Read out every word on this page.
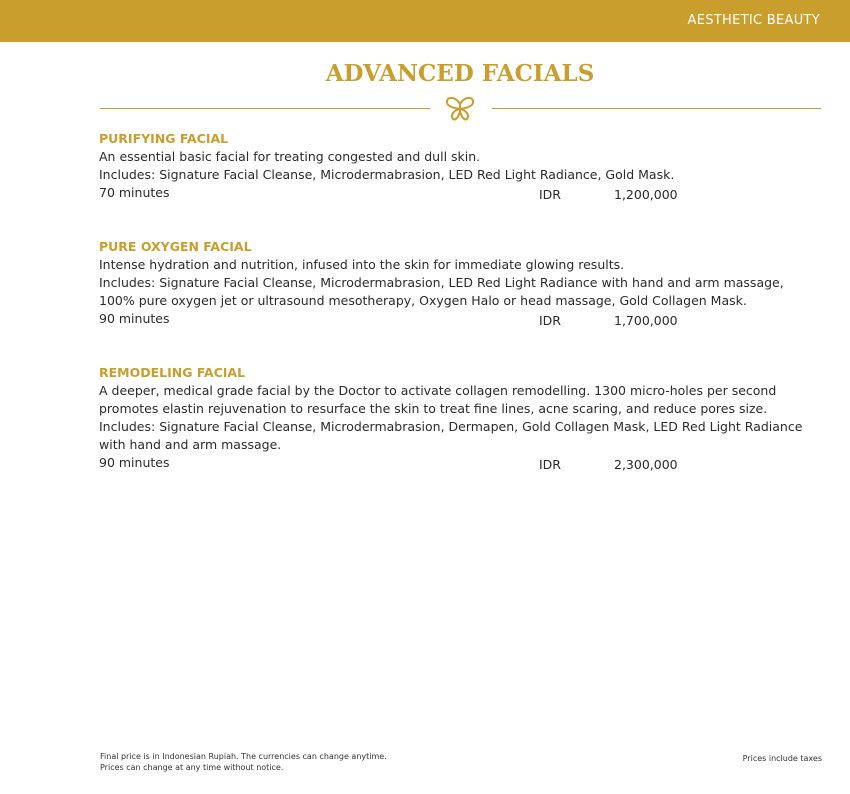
AESTHETIC BEAUTY
ADVANCED FACIALS
PURIFYING FACIAL
An essential basic facial for treating congested and dull skin.
Includes: Signature Facial Cleanse, Microdermabrasion, LED Red Light Radiance, Gold Mask.
70 minutes	IDR	1,200,000
PURE OXYGEN FACIAL
Intense hydration and nutrition, infused into the skin for immediate glowing results.
Includes: Signature Facial Cleanse, Microdermabrasion, LED Red Light Radiance with hand and arm massage,
100% pure oxygen jet or ultrasound mesotherapy, Oxygen Halo or head massage, Gold Collagen Mask.
90 minutes	IDR	1,700,000
REMODELING FACIAL
A deeper, medical grade facial by the Doctor to activate collagen remodelling. 1300 micro-holes per second
promotes elastin rejuvenation to resurface the skin to treat fine lines, acne scaring, and reduce pores size.
Includes: Signature Facial Cleanse, Microdermabrasion, Dermapen, Gold Collagen Mask, LED Red Light Radiance
with hand and arm massage.
90 minutes	IDR	2,300,000
Final price is in Indonesian Rupiah. The currencies can change anytime.
Prices can change at any time without notice.
Prices include taxes
